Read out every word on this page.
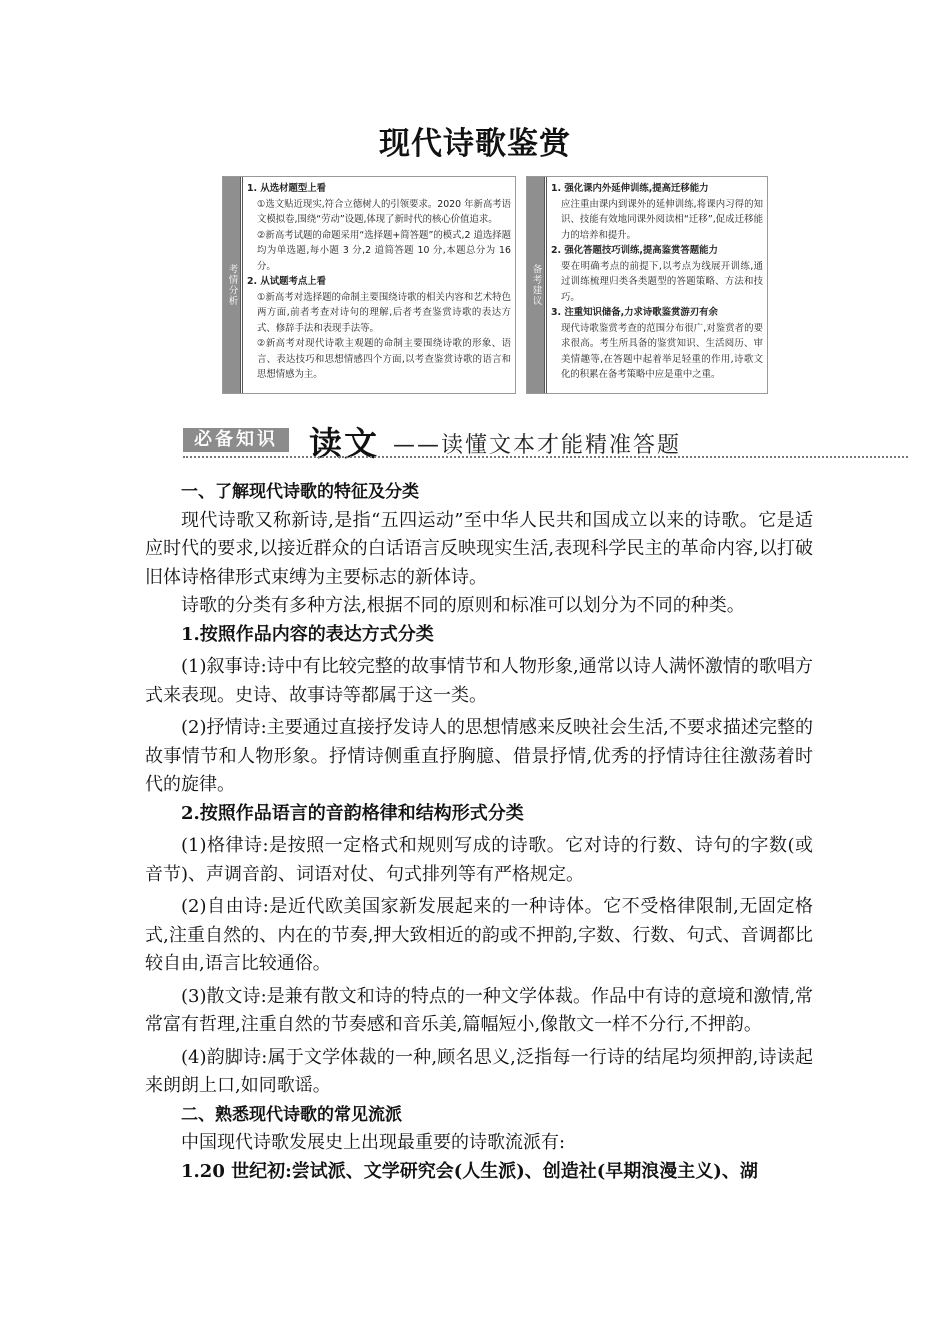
现代诗歌鉴赏
考情分析
1. 从选材题型上看
①选文贴近现实,符合立德树人的引领要求。2020 年新高考语文模拟卷,围绕“劳动”设题,体现了新时代的核心价值追求。
②新高考试题的命题采用“选择题+简答题”的模式,2 道选择题均为单选题,每小题 3 分,2 道简答题 10 分,本题总分为 16 分。
2. 从试题考点上看
①新高考对选择题的命制主要围绕诗歌的相关内容和艺术特色两方面,前者考查对诗句的理解,后者考查鉴赏诗歌的表达方式、修辞手法和表现手法等。
②新高考对现代诗歌主观题的命制主要围绕诗歌的形象、语言、表达技巧和思想情感四个方面,以考查鉴赏诗歌的语言和思想情感为主。
备考建议
1. 强化课内外延伸训练,提高迁移能力
应注重由课内到课外的延伸训练,将课内习得的知识、技能有效地同课外阅读相“迁移”,促成迁移能力的培养和提升。
2. 强化答题技巧训练,提高鉴赏答题能力
要在明确考点的前提下,以考点为线展开训练,通过训练梳理归类各类题型的答题策略、方法和技巧。
3. 注重知识储备,力求诗歌鉴赏游刃有余
现代诗歌鉴赏考查的范围分布很广,对鉴赏者的要求很高。考生所具备的鉴赏知识、生活阅历、审美情趣等,在答题中起着举足轻重的作用,诗歌文化的积累在备考策略中应是重中之重。
必备知识 读文 ——读懂文本才能精准答题

一、了解现代诗歌的特征及分类

现代诗歌又称新诗,是指“五四运动”至中华人民共和国成立以来的诗歌。它是适应时代的要求,以接近群众的白话语言反映现实生活,表现科学民主的革命内容,以打破旧体诗格律形式束缚为主要标志的新体诗。

诗歌的分类有多种方法,根据不同的原则和标准可以划分为不同的种类。

1.按照作品内容的表达方式分类

(1)叙事诗:诗中有比较完整的故事情节和人物形象,通常以诗人满怀激情的歌唱方式来表现。史诗、故事诗等都属于这一类。

(2)抒情诗:主要通过直接抒发诗人的思想情感来反映社会生活,不要求描述完整的故事情节和人物形象。抒情诗侧重直抒胸臆、借景抒情,优秀的抒情诗往往激荡着时代的旋律。

2.按照作品语言的音韵格律和结构形式分类

(1)格律诗:是按照一定格式和规则写成的诗歌。它对诗的行数、诗句的字数(或音节)、声调音韵、词语对仗、句式排列等有严格规定。

(2)自由诗:是近代欧美国家新发展起来的一种诗体。它不受格律限制,无固定格式,注重自然的、内在的节奏,押大致相近的韵或不押韵,字数、行数、句式、音调都比较自由,语言比较通俗。

(3)散文诗:是兼有散文和诗的特点的一种文学体裁。作品中有诗的意境和激情,常常富有哲理,注重自然的节奏感和音乐美,篇幅短小,像散文一样不分行,不押韵。

(4)韵脚诗:属于文学体裁的一种,顾名思义,泛指每一行诗的结尾均须押韵,诗读起来朗朗上口,如同歌谣。

二、熟悉现代诗歌的常见流派

中国现代诗歌发展史上出现最重要的诗歌流派有:

1.20 世纪初:尝试派、文学研究会(人生派)、创造社(早期浪漫主义)、湖
